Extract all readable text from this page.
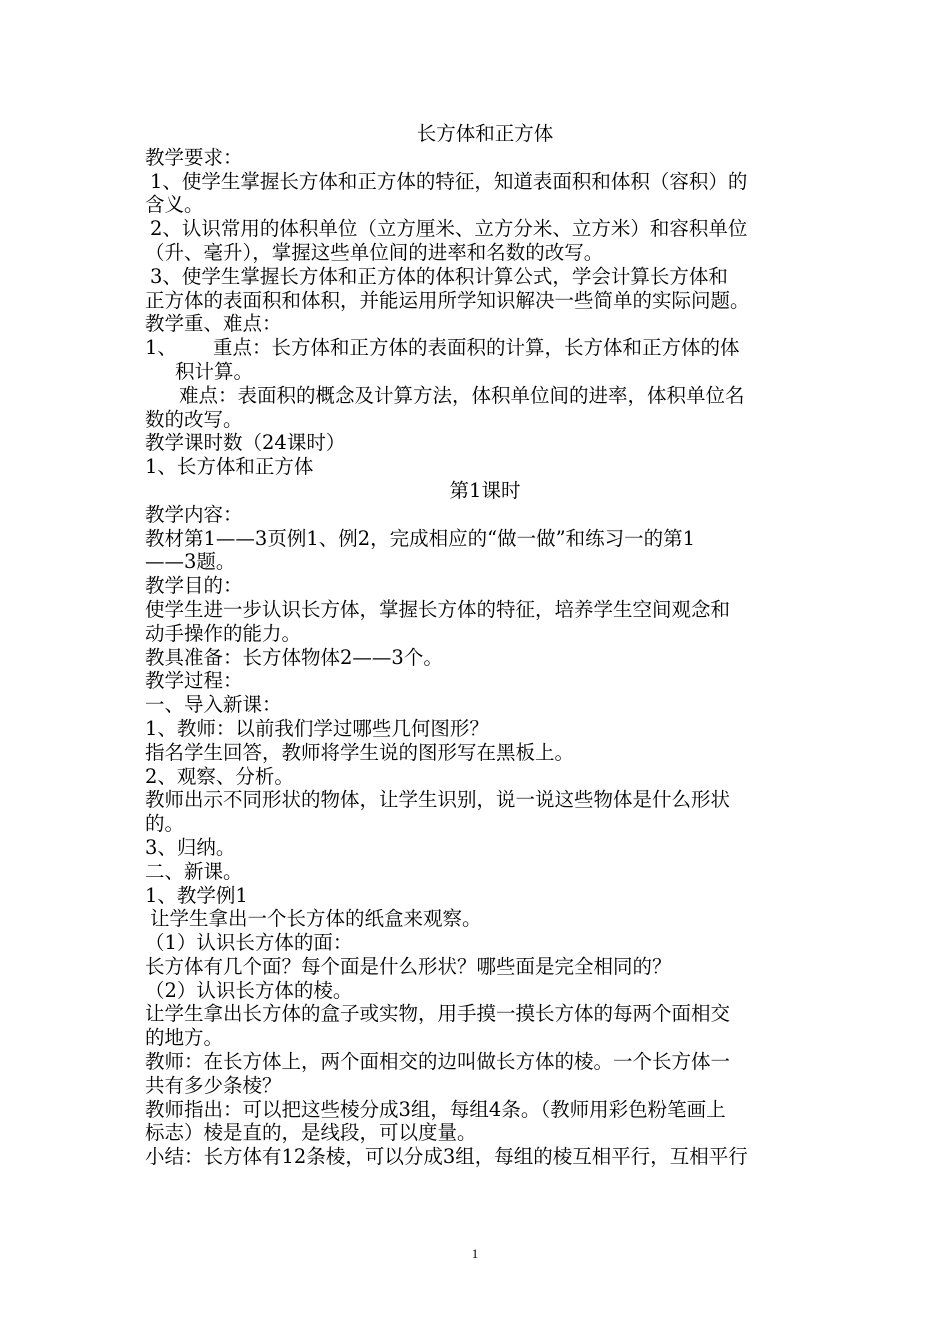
长方体和正方体
教学要求：
1、使学生掌握长方体和正方体的特征，知道表面积和体积（容积）的
含义。
2、认识常用的体积单位（立方厘米、立方分米、立方米）和容积单位
（升、毫升），掌握这些单位间的进率和名数的改写。
3、使学生掌握长方体和正方体的体积计算公式，学会计算长方体和
正方体的表面积和体积，并能运用所学知识解决一些简单的实际问题。
教学重、难点：
1、	重点：长方体和正方体的表面积的计算，长方体和正方体的体
积计算。
难点：表面积的概念及计算方法，体积单位间的进率，体积单位名
数的改写。
教学课时数（24课时）
1、长方体和正方体
第1课时
教学内容：
教材第1——3页例1、例2，完成相应的“做一做”和练习一的第1
——3题。
教学目的：
使学生进一步认识长方体，掌握长方体的特征，培养学生空间观念和
动手操作的能力。
教具准备：长方体物体2——3个。
教学过程：
一、导入新课：
1、教师：以前我们学过哪些几何图形？
指名学生回答，教师将学生说的图形写在黑板上。
2、观察、分析。
教师出示不同形状的物体，让学生识别，说一说这些物体是什么形状
的。
3、归纳。
二、新课。
1、教学例1
让学生拿出一个长方体的纸盒来观察。
（1）认识长方体的面：
长方体有几个面？每个面是什么形状？哪些面是完全相同的？
（2）认识长方体的棱。
让学生拿出长方体的盒子或实物，用手摸一摸长方体的每两个面相交
的地方。
教师：在长方体上，两个面相交的边叫做长方体的棱。一个长方体一
共有多少条棱？
教师指出：可以把这些棱分成3组，每组4条。（教师用彩色粉笔画上
标志）棱是直的，是线段，可以度量。
小结：长方体有12条棱，可以分成3组，每组的棱互相平行，互相平行
1
